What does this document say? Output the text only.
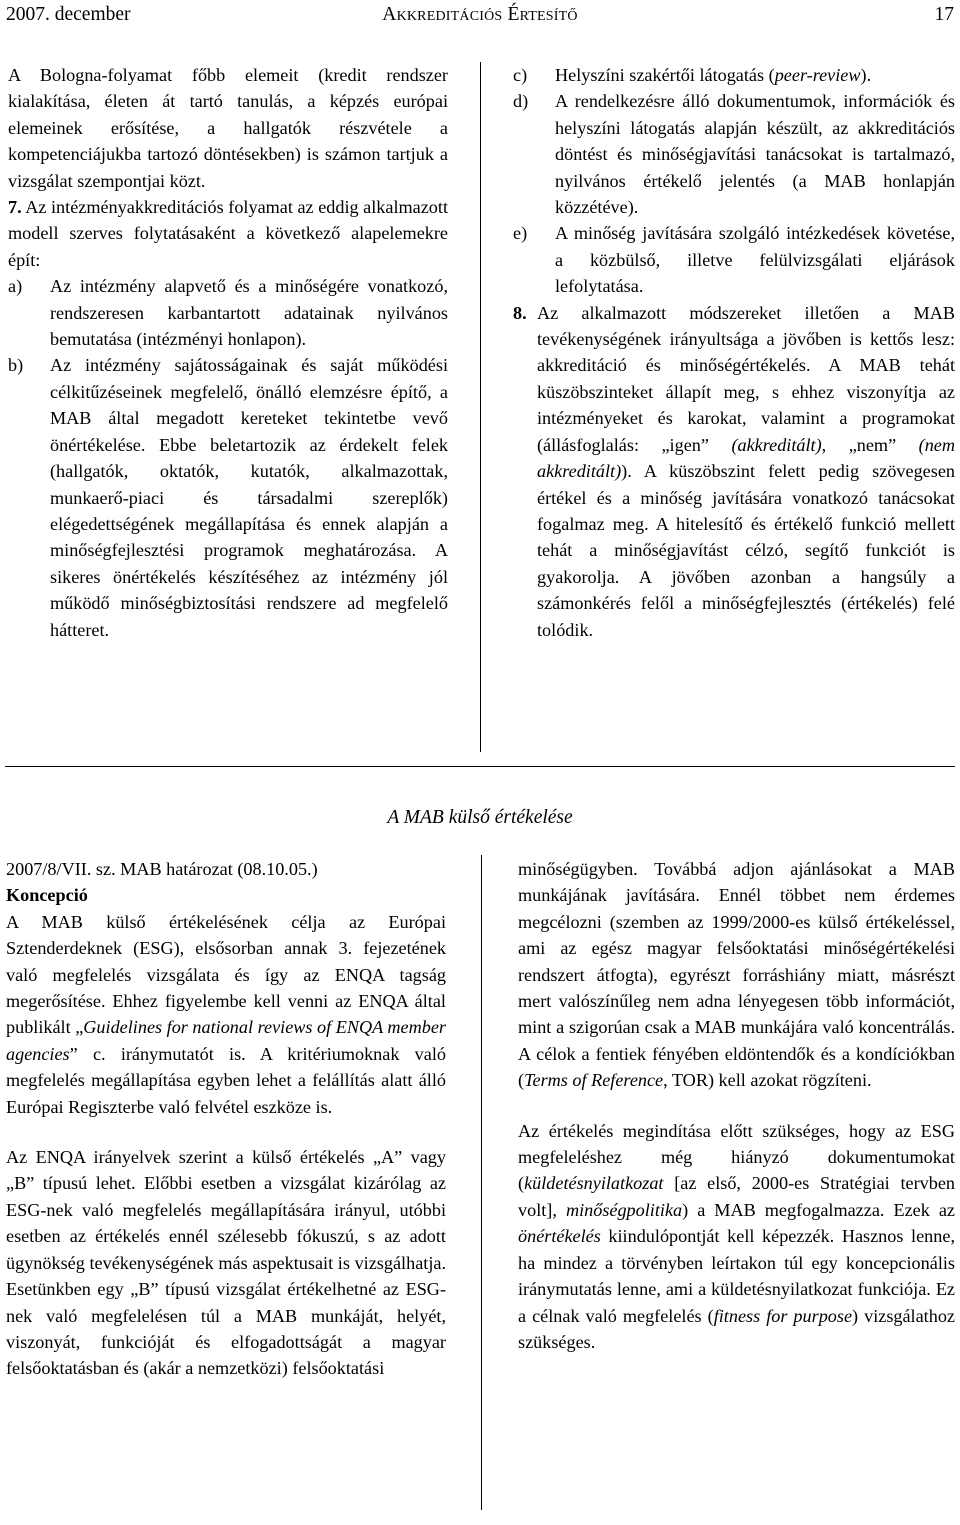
2007. december	Akkreditációs Értesítő	17

A Bologna-folyamat főbb elemeit (kredit rendszer kialakítása, életen át tartó tanulás, a képzés európai elemeinek erősítése, a hallgatók részvétele a kompetenciájukba tartozó döntésekben) is számon tartjuk a vizsgálat szempontjai közt.

7. Az intézményakkreditációs folyamat az eddig alkalmazott modell szerves folytatásaként a következő alapelemekre épít:

a)	Az intézmény alapvető és a minőségére vonatkozó, rendszeresen karbantartott adatainak nyilvános bemutatása (intézményi honlapon).
b)	Az intézmény sajátosságainak és saját működési célkitűzéseinek megfelelő, önálló elemzésre építő, a MAB által megadott kereteket tekintetbe vevő önértékelése. Ebbe beletartozik az érdekelt felek (hallgatók, oktatók, kutatók, alkalmazottak, munkaerő-piaci és társadalmi szereplők) elégedettségének megállapítása és ennek alapján a minőségfejlesztési programok meghatározása. A sikeres önértékelés készítéséhez az intézmény jól működő minőségbiztosítási rendszere ad megfelelő hátteret.
c)	Helyszíni szakértői látogatás (peer-review).
d)	A rendelkezésre álló dokumentumok, információk és helyszíni látogatás alapján készült, az akkreditációs döntést és minőségjavítási tanácsokat is tartalmazó, nyilvános értékelő jelentés (a MAB honlapján közzétéve).
e)	A minőség javítására szolgáló intézkedések követése, a közbülső, illetve felülvizsgálati eljárások lefolytatása.
8. Az alkalmazott módszereket illetően a MAB tevékenységének irányultsága a jövőben is kettős lesz: akkreditáció és minőségértékelés. A MAB tehát küszöbszinteket állapít meg, s ehhez viszonyítja az intézményeket és karokat, valamint a programokat (állásfoglalás: „igen” (akkreditált), „nem” (nem akkreditált)). A küszöbszint felett pedig szövegesen értékel és a minőség javítására vonatkozó tanácsokat fogalmaz meg. A hitelesítő és értékelő funkció mellett tehát a minőségjavítást célzó, segítő funkciót is gyakorolja. A jövőben azonban a hangsúly a számonkérés felől a minőségfejlesztés (értékelés) felé tolódik.
A MAB külső értékelése

2007/8/VII. sz. MAB határozat (08.10.05.)

Koncepció

A MAB külső értékelésének célja az Európai Sztenderdeknek (ESG), elsősorban annak 3. fejezetének való megfelelés vizsgálata és így az ENQA tagság megerősítése. Ehhez figyelembe kell venni az ENQA által publikált „Guidelines for national reviews of ENQA member agencies” c. iránymutatót is. A kritériumoknak való megfelelés megállapítása egyben lehet a felállítás alatt álló Európai Regiszterbe való felvétel eszköze is.

Az ENQA irányelvek szerint a külső értékelés „A” vagy „B” típusú lehet. Előbbi esetben a vizsgálat kizárólag az ESG-nek való megfelelés megállapítására irányul, utóbbi esetben az értékelés ennél szélesebb fókuszú, s az adott ügynökség tevékenységének más aspektusait is vizsgálhatja. Esetünkben egy „B” típusú vizsgálat értékelhetné az ESG-nek való megfelelésen túl a MAB munkáját, helyét, viszonyát, funkcióját és elfogadottságát a magyar felsőoktatásban és (akár a nemzetközi) felsőoktatási

minőségügyben. Továbbá adjon ajánlásokat a MAB munkájának javítására. Ennél többet nem érdemes megcélozni (szemben az 1999/2000-es külső értékeléssel, ami az egész magyar felsőoktatási minőségértékelési rendszert átfogta), egyrészt forráshiány miatt, másrészt mert valószínűleg nem adna lényegesen több információt, mint a szigorúan csak a MAB munkájára való koncentrálás. A célok a fentiek fényében eldöntendők és a kondíciókban (Terms of Reference, TOR) kell azokat rögzíteni.

Az értékelés megindítása előtt szükséges, hogy az ESG megfeleléshez még hiányzó dokumentumokat (küldetésnyilatkozat [az első, 2000-es Stratégiai tervben volt], minőségpolitika) a MAB megfogalmazza. Ezek az önértékelés kiindulópontját kell képezzék. Hasznos lenne, ha mindez a törvényben leírtakon túl egy koncepcionális iránymutatás lenne, ami a küldetésnyilatkozat funkciója. Ez a célnak való megfelelés (fitness for purpose) vizsgálathoz szükséges.
